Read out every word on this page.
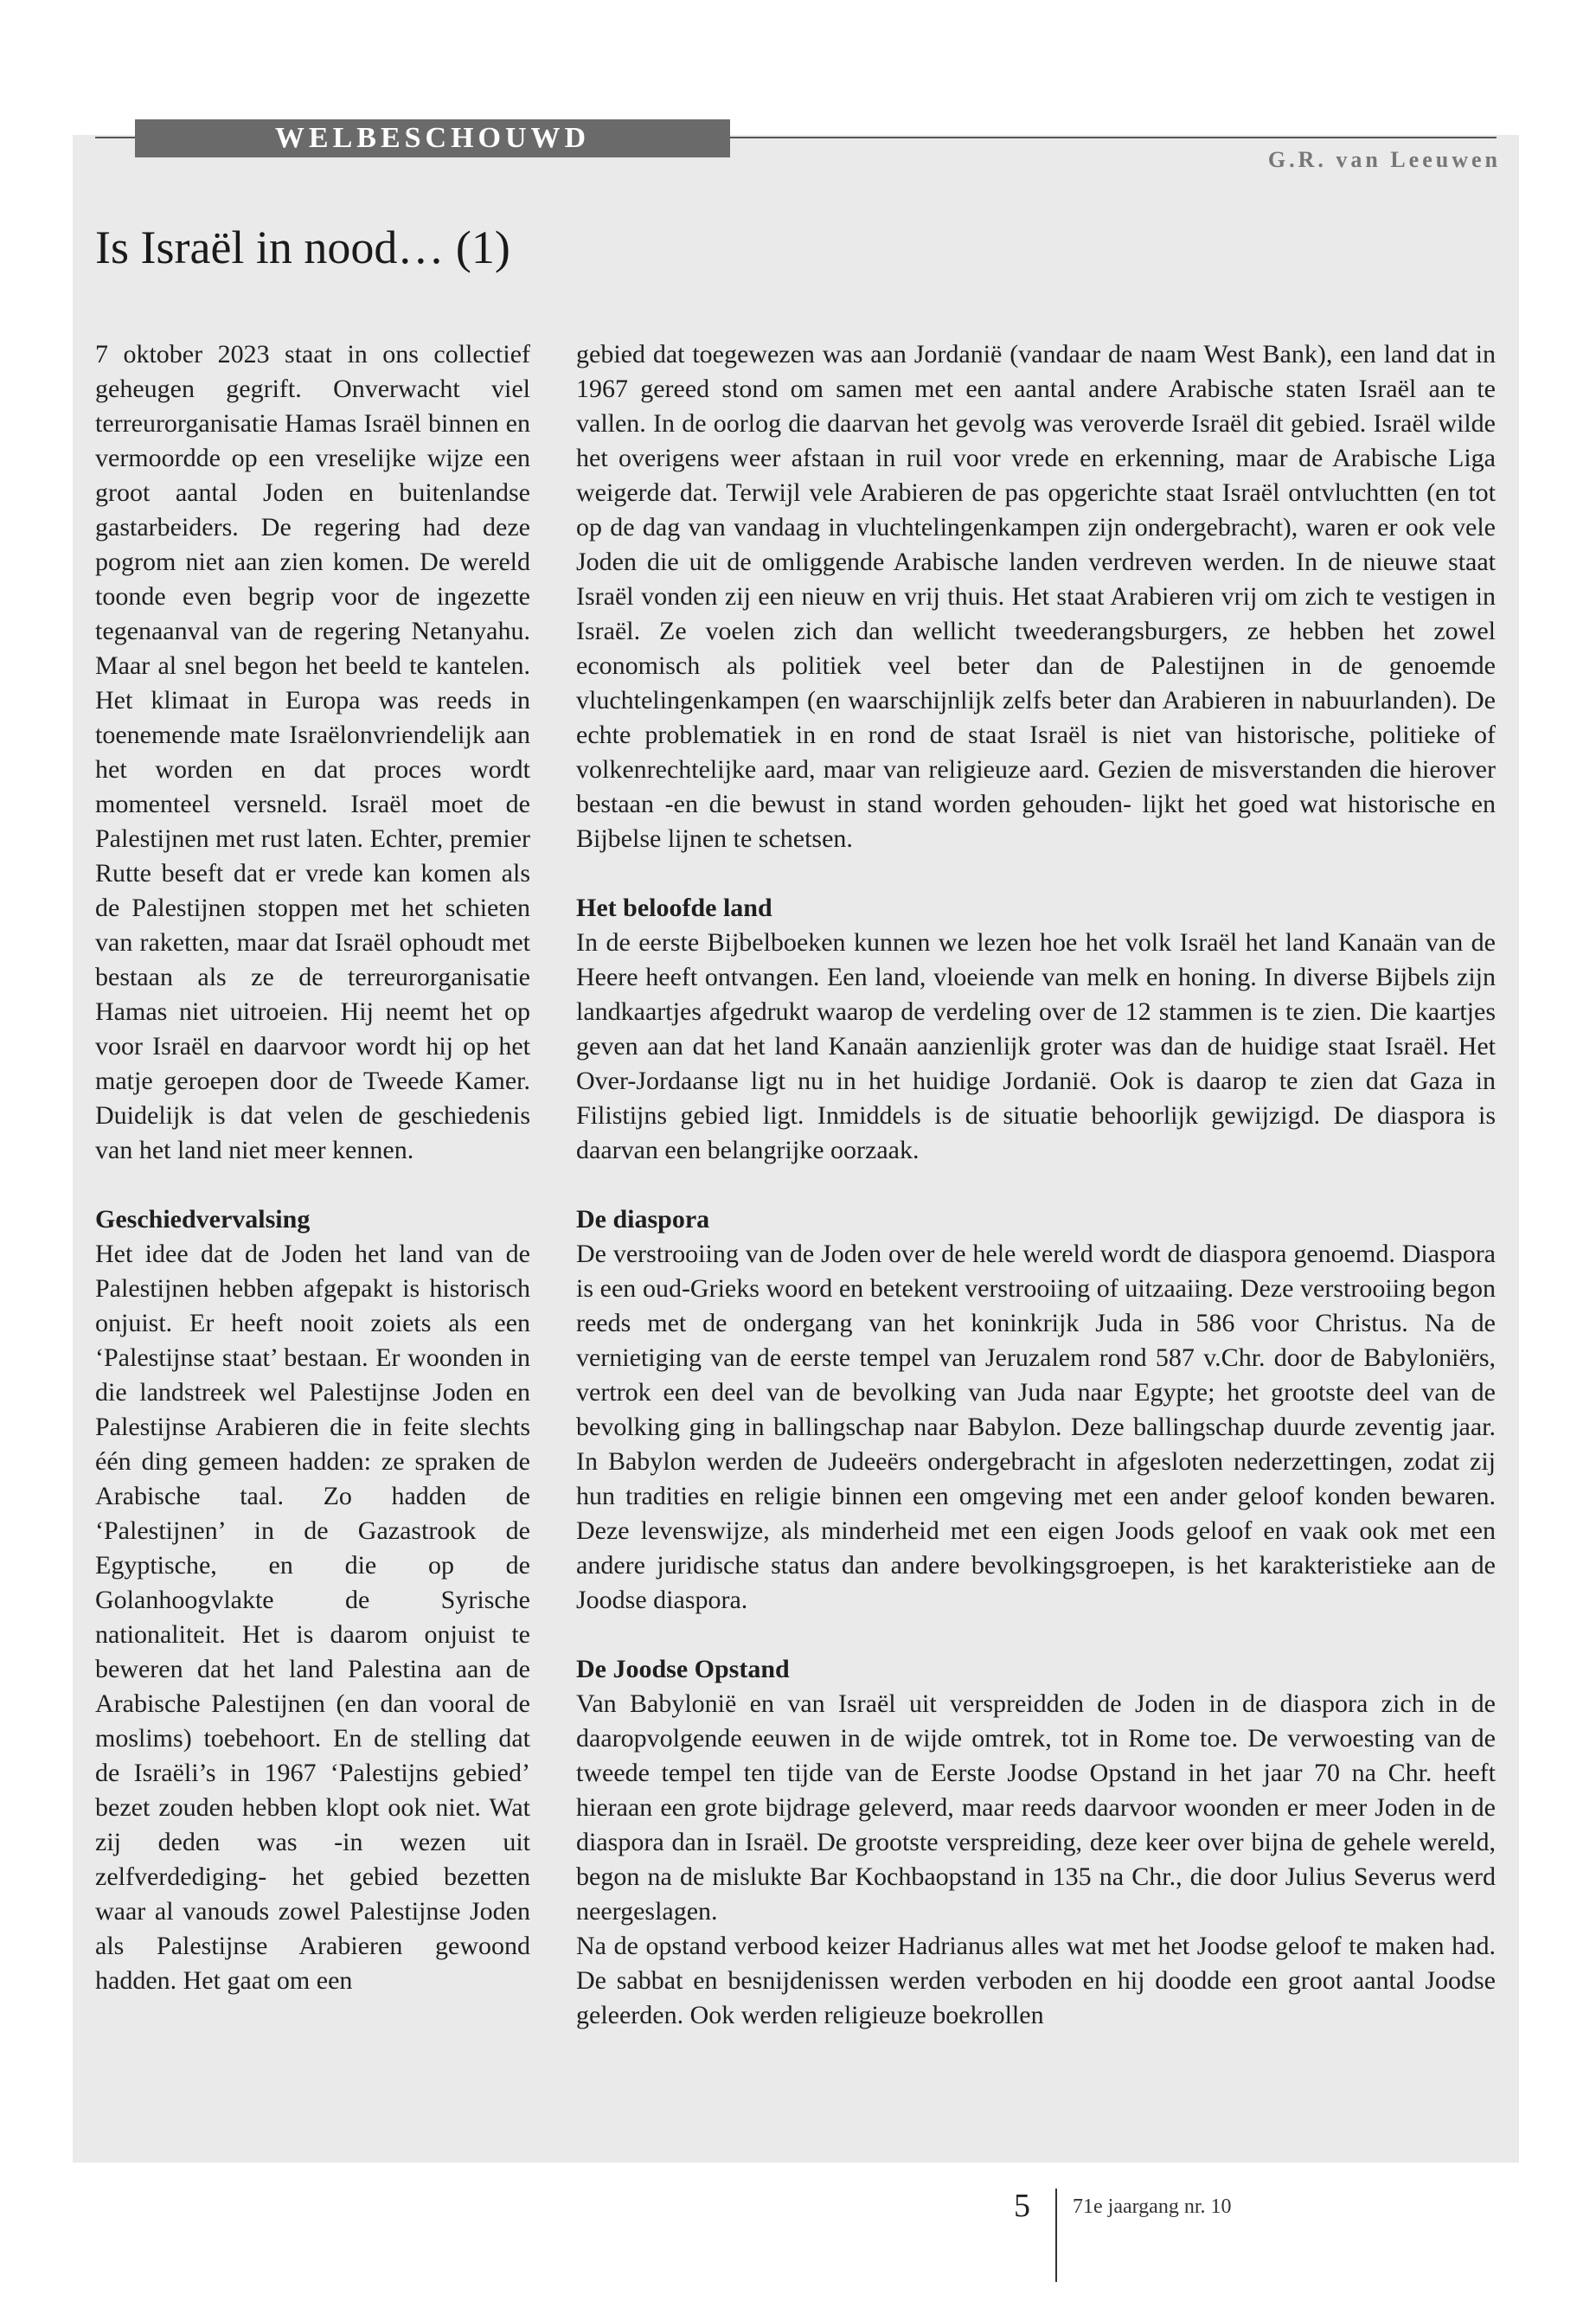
WELBESCHOUWD
G.R. van Leeuwen
Is Israël in nood… (1)

7 oktober 2023 staat in ons collectief geheugen gegrift. Onverwacht viel terreurorganisatie Hamas Israël binnen en vermoordde op een vreselijke wijze een groot aantal Joden en buitenlandse gastarbeiders. De regering had deze pogrom niet aan zien komen. De wereld toonde even begrip voor de ingezette tegenaanval van de regering Netanyahu. Maar al snel begon het beeld te kantelen. Het klimaat in Europa was reeds in toenemende mate Israëlonvriendelijk aan het worden en dat proces wordt momenteel versneld. Israël moet de Palestijnen met rust laten. Echter, premier Rutte beseft dat er vrede kan komen als de Palestijnen stoppen met het schieten van raketten, maar dat Israël ophoudt met bestaan als ze de terreurorganisatie Hamas niet uitroeien. Hij neemt het op voor Israël en daarvoor wordt hij op het matje geroepen door de Tweede Kamer. Duidelijk is dat velen de geschiedenis van het land niet meer kennen.

Geschiedvervalsing

Het idee dat de Joden het land van de Palestijnen hebben afgepakt is historisch onjuist. Er heeft nooit zoiets als een ‘Palestijnse staat’ bestaan. Er woonden in die landstreek wel Palestijnse Joden en Palestijnse Arabieren die in feite slechts één ding gemeen hadden: ze spraken de Arabische taal. Zo hadden de ‘Palestijnen’ in de Gazastrook de Egyptische, en die op de Golanhoogvlakte de Syrische nationaliteit. Het is daarom onjuist te beweren dat het land Palestina aan de Arabische Palestijnen (en dan vooral de moslims) toebehoort. En de stelling dat de Israëli’s in 1967 ‘Palestijns gebied’ bezet zouden hebben klopt ook niet. Wat zij deden was -in wezen uit zelfverdediging- het gebied bezetten waar al vanouds zowel Palestijnse Joden als Palestijnse Arabieren gewoond hadden. Het gaat om een

gebied dat toegewezen was aan Jordanië (vandaar de naam West Bank), een land dat in 1967 gereed stond om samen met een aantal andere Arabische staten Israël aan te vallen. In de oorlog die daarvan het gevolg was veroverde Israël dit gebied. Israël wilde het overigens weer afstaan in ruil voor vrede en erkenning, maar de Arabische Liga weigerde dat. Terwijl vele Arabieren de pas opgerichte staat Israël ontvluchtten (en tot op de dag van vandaag in vluchtelingenkampen zijn ondergebracht), waren er ook vele Joden die uit de omliggende Arabische landen verdreven werden. In de nieuwe staat Israël vonden zij een nieuw en vrij thuis. Het staat Arabieren vrij om zich te vestigen in Israël. Ze voelen zich dan wellicht tweederangsburgers, ze hebben het zowel economisch als politiek veel beter dan de Palestijnen in de genoemde vluchtelingenkampen (en waarschijnlijk zelfs beter dan Arabieren in nabuurlanden). De echte problematiek in en rond de staat Israël is niet van historische, politieke of volkenrechtelijke aard, maar van religieuze aard. Gezien de misverstanden die hierover bestaan -en die bewust in stand worden gehouden- lijkt het goed wat historische en Bijbelse lijnen te schetsen.

Het beloofde land

In de eerste Bijbelboeken kunnen we lezen hoe het volk Israël het land Kanaän van de Heere heeft ontvangen. Een land, vloeiende van melk en honing. In diverse Bijbels zijn landkaartjes afgedrukt waarop de verdeling over de 12 stammen is te zien. Die kaartjes geven aan dat het land Kanaän aanzienlijk groter was dan de huidige staat Israël. Het Over-Jordaanse ligt nu in het huidige Jordanië. Ook is daarop te zien dat Gaza in Filistijns gebied ligt. Inmiddels is de situatie behoorlijk gewijzigd. De diaspora is daarvan een belangrijke oorzaak.

De diaspora

De verstrooiing van de Joden over de hele wereld wordt de diaspora genoemd. Diaspora is een oud-Grieks woord en betekent verstrooiing of uitzaaiing. Deze verstrooiing begon reeds met de ondergang van het koninkrijk Juda in 586 voor Christus. Na de vernietiging van de eerste tempel van Jeruzalem rond 587 v.Chr. door de Babyloniërs, vertrok een deel van de bevolking van Juda naar Egypte; het grootste deel van de bevolking ging in ballingschap naar Babylon. Deze ballingschap duurde zeventig jaar. In Babylon werden de Judeeërs ondergebracht in afgesloten nederzettingen, zodat zij hun tradities en religie binnen een omgeving met een ander geloof konden bewaren. Deze levenswijze, als minderheid met een eigen Joods geloof en vaak ook met een andere juridische status dan andere bevolkingsgroepen, is het karakteristieke aan de Joodse diaspora.

De Joodse Opstand

Van Babylonië en van Israël uit verspreidden de Joden in de diaspora zich in de daaropvolgende eeuwen in de wijde omtrek, tot in Rome toe. De verwoesting van de tweede tempel ten tijde van de Eerste Joodse Opstand in het jaar 70 na Chr. heeft hieraan een grote bijdrage geleverd, maar reeds daarvoor woonden er meer Joden in de diaspora dan in Israël. De grootste verspreiding, deze keer over bijna de gehele wereld, begon na de mislukte Bar Kochbaopstand in 135 na Chr., die door Julius Severus werd neergeslagen.

Na de opstand verbood keizer Hadrianus alles wat met het Joodse geloof te maken had. De sabbat en besnijdenissen werden verboden en hij doodde een groot aantal Joodse geleerden. Ook werden religieuze boekrollen

5 71e jaargang nr. 10
